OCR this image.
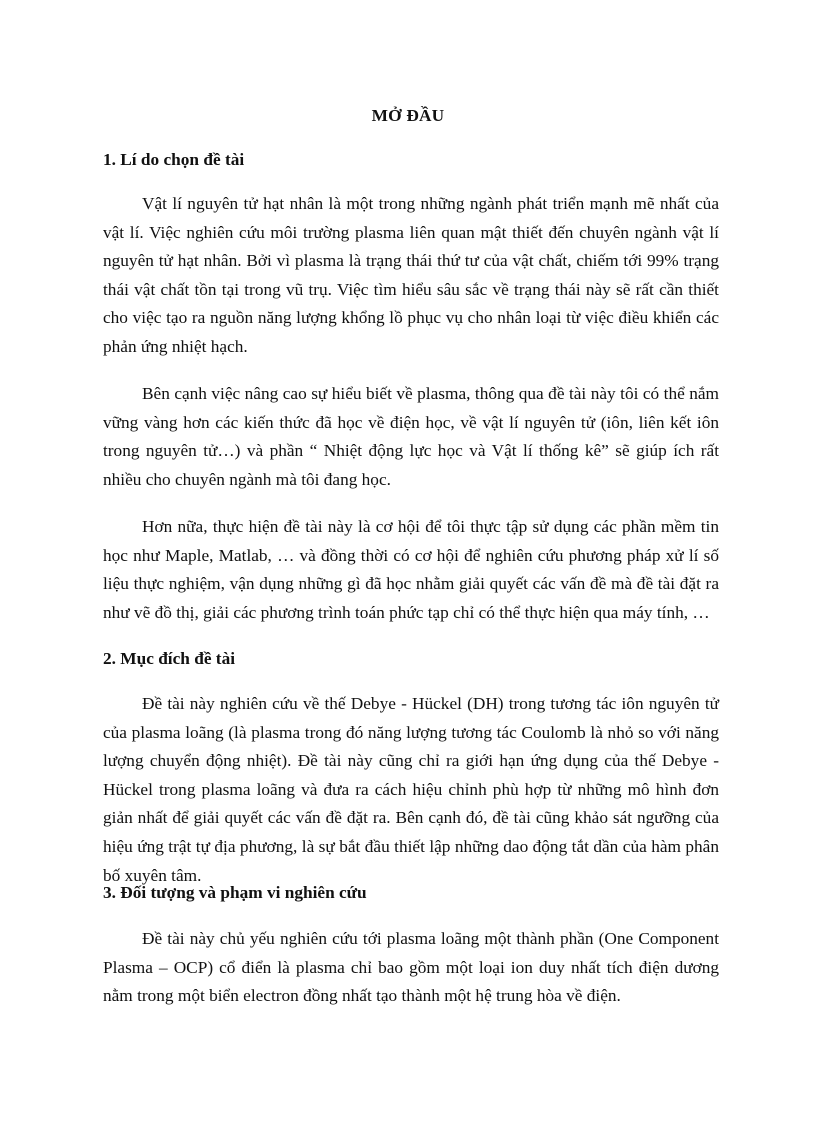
MỞ ĐẦU
1. Lí do chọn đề tài

Vật lí nguyên tử hạt nhân là một trong những ngành phát triển mạnh mẽ nhất của vật lí. Việc nghiên cứu môi trường plasma liên quan mật thiết đến chuyên ngành vật lí nguyên tử hạt nhân. Bởi vì plasma là trạng thái thứ tư của vật chất, chiếm tới 99% trạng thái vật chất tồn tại trong vũ trụ. Việc tìm hiểu sâu sắc về trạng thái này sẽ rất cần thiết cho việc tạo ra nguồn năng lượng khổng lồ phục vụ cho nhân loại từ việc điều khiển các phản ứng nhiệt hạch.

Bên cạnh việc nâng cao sự hiểu biết về plasma, thông qua đề tài này tôi có thể nắm vững vàng hơn các kiến thức đã học về điện học, về vật lí nguyên tử (iôn, liên kết iôn trong nguyên tử…) và phần “ Nhiệt động lực học và Vật lí thống kê” sẽ giúp ích rất nhiều cho chuyên ngành mà tôi đang học.

Hơn nữa, thực hiện đề tài này là cơ hội để tôi thực tập sử dụng các phần mềm tin học như Maple, Matlab, … và đồng thời có cơ hội để nghiên cứu phương pháp xử lí số liệu thực nghiệm, vận dụng những gì đã học nhằm giải quyết các vấn đề mà đề tài đặt ra như vẽ đồ thị, giải các phương trình toán phức tạp chỉ có thể thực hiện qua máy tính, …

2. Mục đích đề tài

Đề tài này nghiên cứu về thế Debye - Hückel (DH) trong tương tác iôn nguyên tử của plasma loãng (là plasma trong đó năng lượng tương tác Coulomb là nhỏ so với năng lượng chuyển động nhiệt). Đề tài này cũng chỉ ra giới hạn ứng dụng của thế Debye - Hückel trong plasma loãng và đưa ra cách hiệu chỉnh phù hợp từ những mô hình đơn giản nhất để giải quyết các vấn đề đặt ra. Bên cạnh đó, đề tài cũng khảo sát ngưỡng của hiệu ứng trật tự địa phương, là sự bắt đầu thiết lập những dao động tắt dần của hàm phân bố xuyên tâm.

3. Đối tượng và phạm vi nghiên cứu

Đề tài này chủ yếu nghiên cứu tới plasma loãng một thành phần (One Component Plasma – OCP) cổ điển là plasma chỉ bao gồm một loại ion duy nhất tích điện dương nằm trong một biển electron đồng nhất tạo thành một hệ trung hòa về điện.
